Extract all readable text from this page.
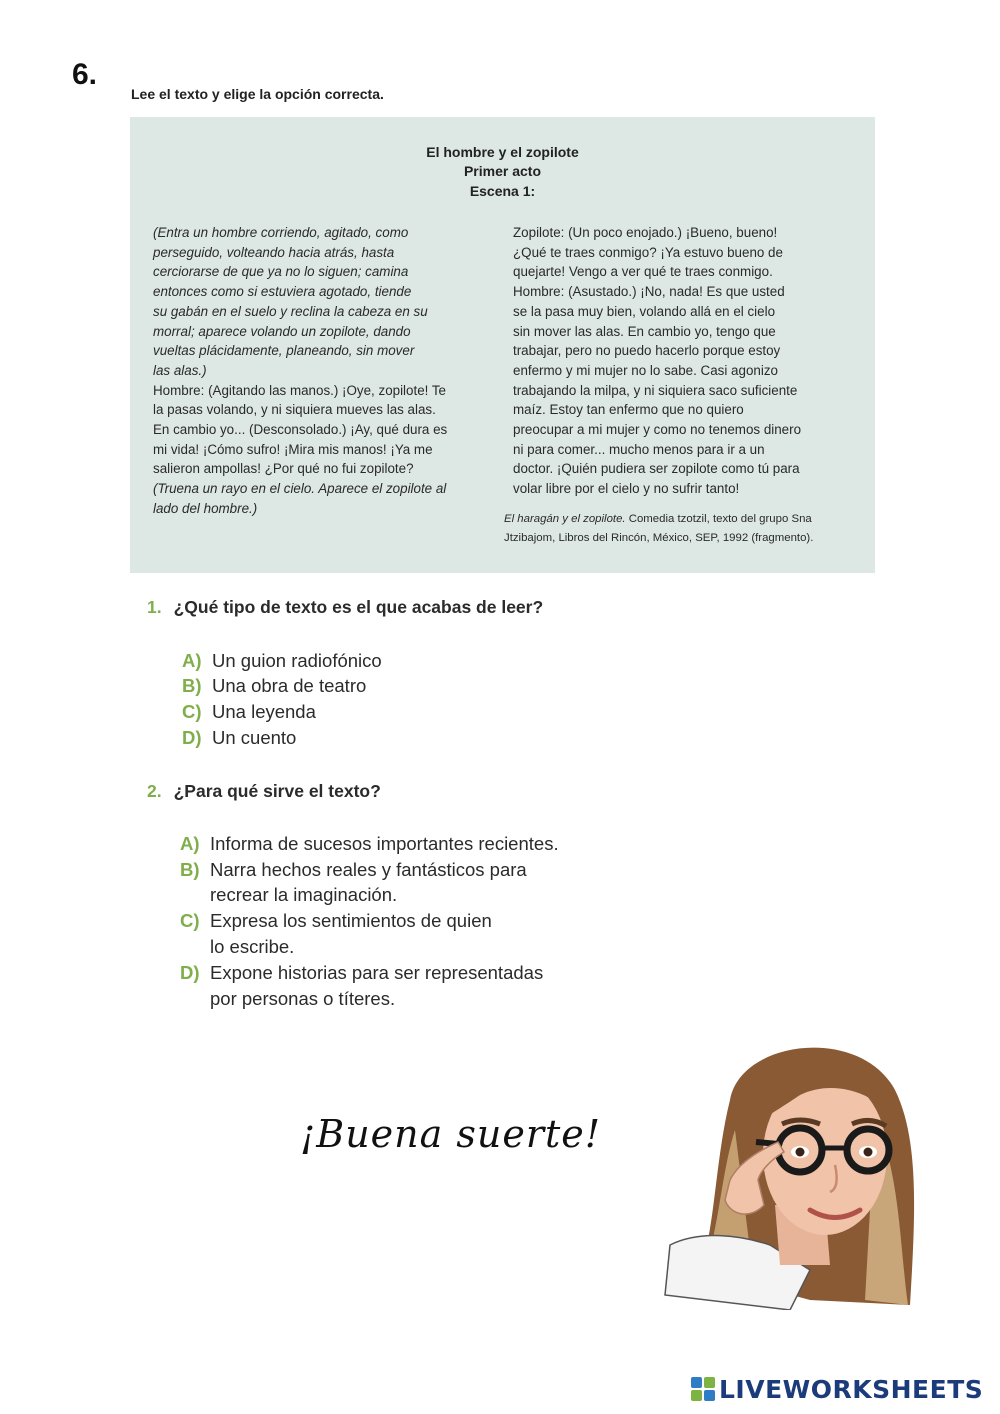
6.
Lee el texto y elige la opción correcta.
El hombre y el zopilote
Primer acto
Escena 1:

(Entra un hombre corriendo, agitado, como

perseguido, volteando hacia atrás, hasta

cerciorarse de que ya no lo siguen; camina

entonces como si estuviera agotado, tiende

su gabán en el suelo y reclina la cabeza en su

morral; aparece volando un zopilote, dando

vueltas plácidamente, planeando, sin mover

las alas.)

Hombre: (Agitando las manos.) ¡Oye, zopilote! Te

la pasas volando, y ni siquiera mueves las alas.

En cambio yo... (Desconsolado.) ¡Ay, qué dura es

mi vida! ¡Cómo sufro! ¡Mira mis manos! ¡Ya me

salieron ampollas! ¿Por qué no fui zopilote?

(Truena un rayo en el cielo. Aparece el zopilote al

lado del hombre.)

Zopilote: (Un poco enojado.) ¡Bueno, bueno!

¿Qué te traes conmigo? ¡Ya estuvo bueno de

quejarte! Vengo a ver qué te traes conmigo.

Hombre: (Asustado.) ¡No, nada! Es que usted

se la pasa muy bien, volando allá en el cielo

sin mover las alas. En cambio yo, tengo que

trabajar, pero no puedo hacerlo porque estoy

enfermo y mi mujer no lo sabe. Casi agonizo

trabajando la milpa, y ni siquiera saco suficiente

maíz. Estoy tan enfermo que no quiero

preocupar a mi mujer y como no tenemos dinero

ni para comer... mucho menos para ir a un

doctor. ¡Quién pudiera ser zopilote como tú para

volar libre por el cielo y no sufrir tanto!

El haragán y el zopilote. Comedia tzotzil, texto del grupo Sna

Jtzibajom, Libros del Rincón, México, SEP, 1992 (fragmento).

1. ¿Qué tipo de texto es el que acabas de leer?
A) Un guion radiofónico
B) Una obra de teatro
C) Una leyenda
D) Un cuento
2. ¿Para qué sirve el texto?
A) Informa de sucesos importantes recientes.
B) Narra hechos reales y fantásticos para
recrear la imaginación.
C) Expresa los sentimientos de quien
lo escribe.
D) Expone historias para ser representadas
por personas o títeres.
¡Buena suerte!
LIVEWORKSHEETS
